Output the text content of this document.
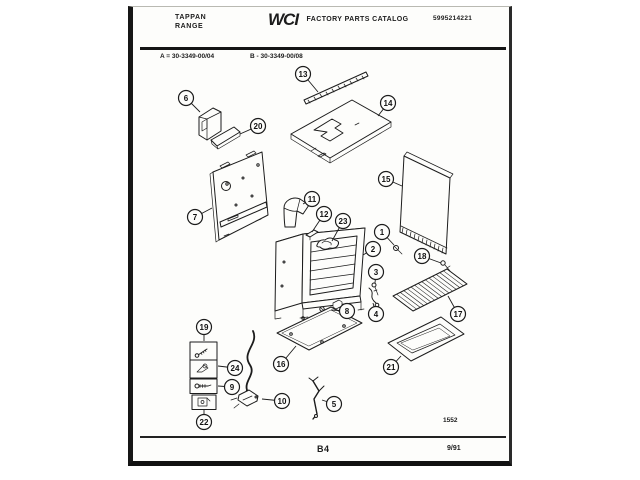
TAPPAN
RANGE	WCI FACTORY PARTS CATALOG	5995214221
A = 30-3349-00/04	B - 30-3349-00/08
1552
B4	9/91
6
20
13
14
7
15
11
12
23
1
2
3
4
8
18
17
21
16
10	5
19
24
9
22
